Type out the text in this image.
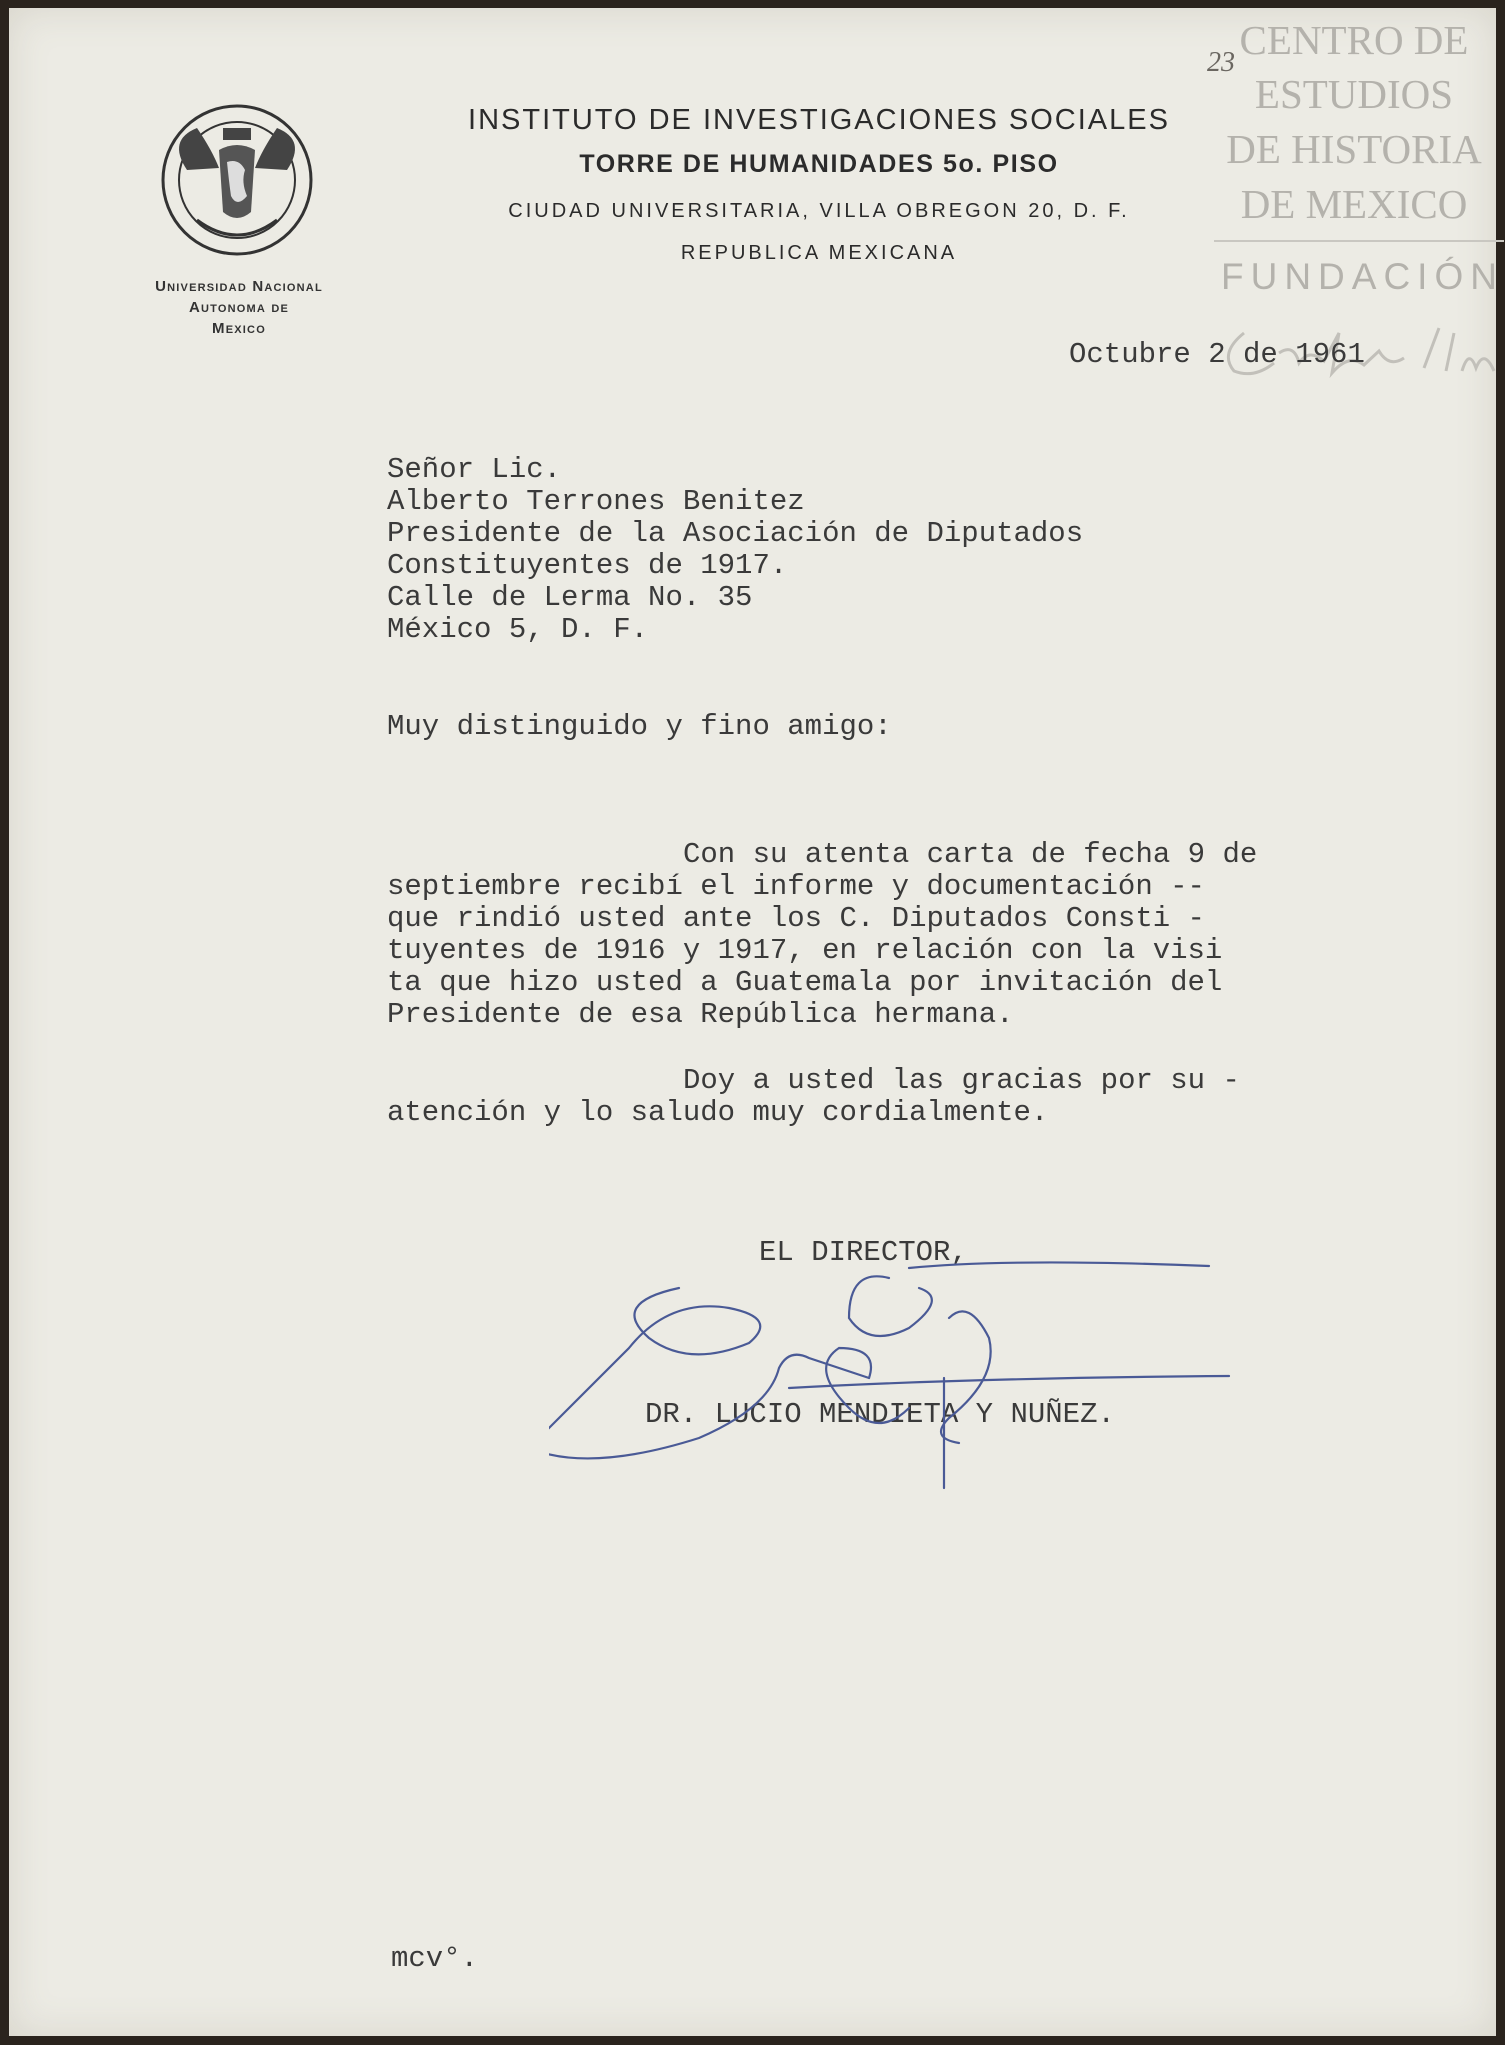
Universidad Nacional
Autonoma de
Mexico
INSTITUTO DE INVESTIGACIONES SOCIALES
TORRE DE HUMANIDADES 5o. PISO
CIUDAD UNIVERSITARIA, VILLA OBREGON 20, D. F.
REPUBLICA MEXICANA
CENTRO DE
ESTUDIOS
DE HISTORIA
DE MEXICO
FUNDACIÓN
23
Octubre 2 de 1961
Señor Lic.
Alberto Terrones Benitez
Presidente de la Asociación de Diputados
Constituyentes de 1917.
Calle de Lerma No. 35
México 5, D. F.
Muy distinguido y fino amigo:
Con su atenta carta de fecha 9 de
septiembre recibí el informe y documentación --
que rindió usted ante los C. Diputados Consti -
tuyentes de 1916 y 1917, en relación con la visi
ta que hizo usted a Guatemala por invitación del
Presidente de esa República hermana.
Doy a usted las gracias por su -
atención y lo saludo muy cordialmente.
EL DIRECTOR,
DR. LUCIO MENDIETA Y NUÑEZ.
mcv°.
